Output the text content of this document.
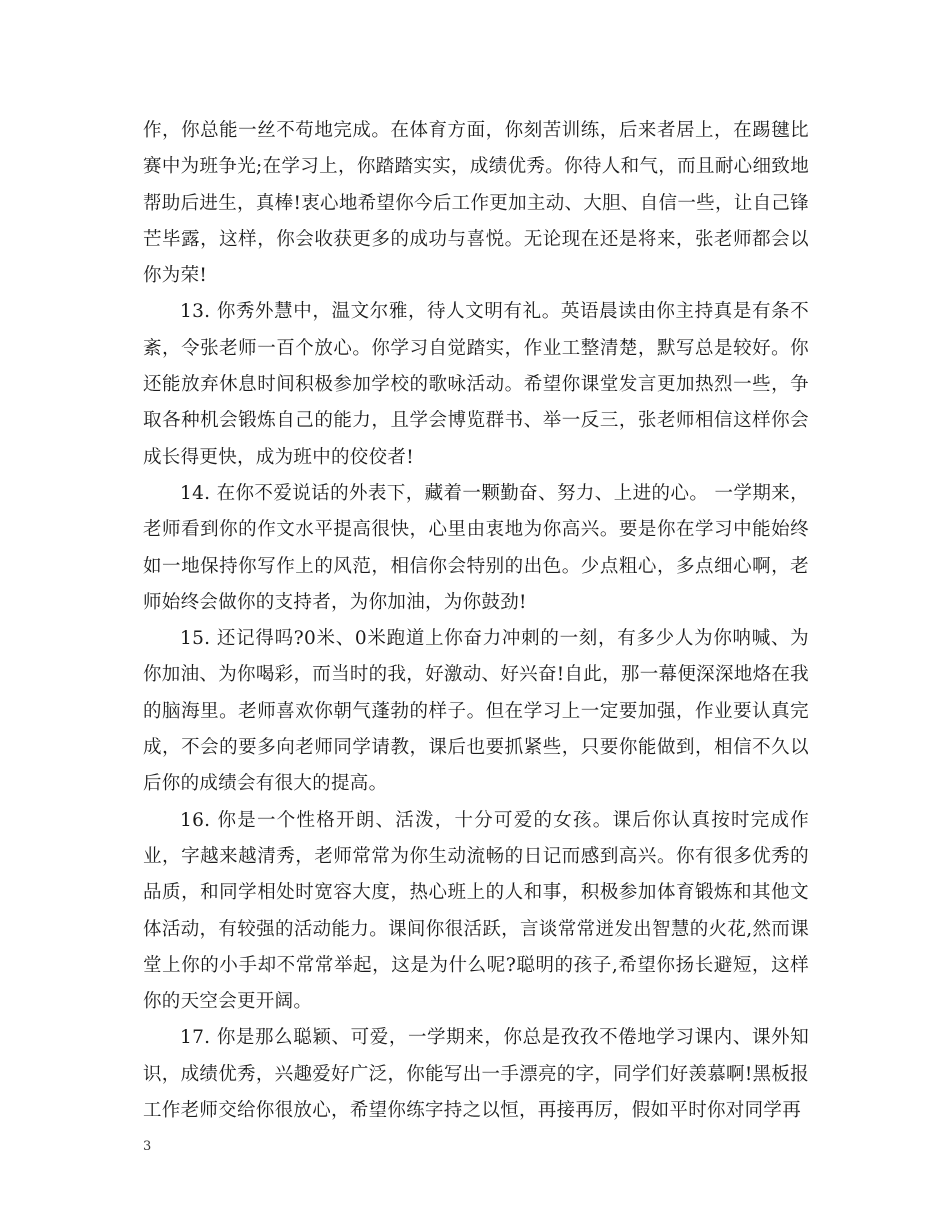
作，你总能一丝不苟地完成。在体育方面，你刻苦训练，后来者居上，在踢毽比赛中为班争光;在学习上，你踏踏实实，成绩优秀。你待人和气，而且耐心细致地帮助后进生，真棒!衷心地希望你今后工作更加主动、大胆、自信一些，让自己锋芒毕露，这样，你会收获更多的成功与喜悦。无论现在还是将来，张老师都会以你为荣!

13. 你秀外慧中，温文尔雅，待人文明有礼。英语晨读由你主持真是有条不紊，令张老师一百个放心。你学习自觉踏实，作业工整清楚，默写总是较好。你还能放弃休息时间积极参加学校的歌咏活动。希望你课堂发言更加热烈一些，争取各种机会锻炼自己的能力，且学会博览群书、举一反三，张老师相信这样你会成长得更快，成为班中的佼佼者!

14. 在你不爱说话的外表下，藏着一颗勤奋、努力、上进的心。 一学期来，老师看到你的作文水平提高很快，心里由衷地为你高兴。要是你在学习中能始终如一地保持你写作上的风范，相信你会特别的出色。少点粗心，多点细心啊，老师始终会做你的支持者，为你加油，为你鼓劲!

15. 还记得吗?0米、0米跑道上你奋力冲刺的一刻，有多少人为你呐喊、为你加油、为你喝彩，而当时的我，好激动、好兴奋!自此，那一幕便深深地烙在我的脑海里。老师喜欢你朝气蓬勃的样子。但在学习上一定要加强，作业要认真完成，不会的要多向老师同学请教，课后也要抓紧些，只要你能做到，相信不久以后你的成绩会有很大的提高。

16. 你是一个性格开朗、活泼，十分可爱的女孩。课后你认真按时完成作业，字越来越清秀，老师常常为你生动流畅的日记而感到高兴。你有很多优秀的品质，和同学相处时宽容大度，热心班上的人和事，积极参加体育锻炼和其他文体活动，有较强的活动能力。课间你很活跃，言谈常常迸发出智慧的火花,然而课堂上你的小手却不常常举起，这是为什么呢?聪明的孩子,希望你扬长避短，这样你的天空会更开阔。

17. 你是那么聪颖、可爱，一学期来，你总是孜孜不倦地学习课内、课外知识，成绩优秀，兴趣爱好广泛，你能写出一手漂亮的字，同学们好羡慕啊!黑板报工作老师交给你很放心，希望你练字持之以恒，再接再厉，假如平时你对同学再

3
